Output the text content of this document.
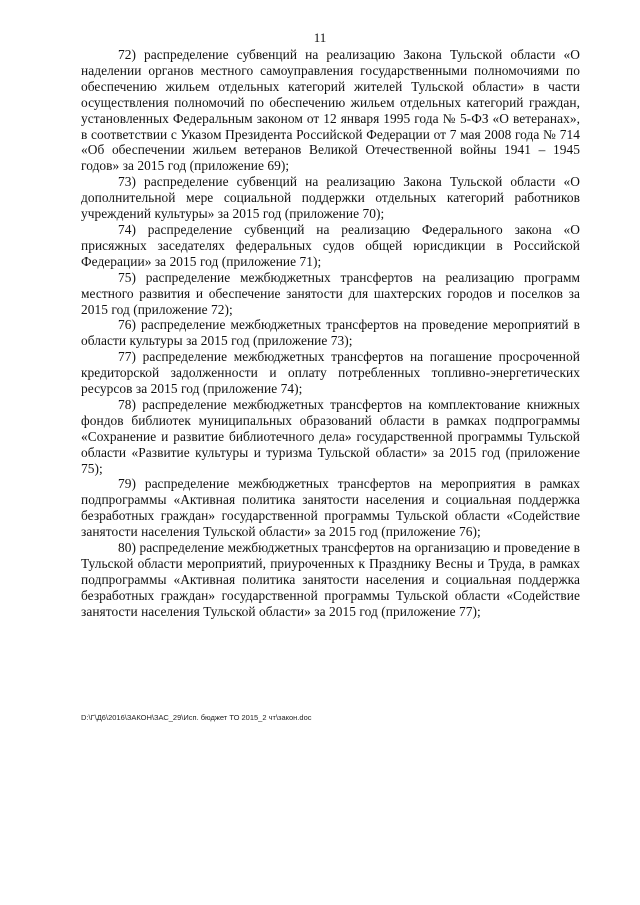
11

72) распределение субвенций на реализацию Закона Тульской области «О наделении органов местного самоуправления государственными полномочиями по обеспечению жильем отдельных категорий жителей Тульской области» в части осуществления полномочий по обеспечению жильем отдельных категорий граждан, установленных Федеральным законом от 12 января 1995 года № 5-ФЗ «О ветеранах», в соответствии с Указом Президента Российской Федерации от 7 мая 2008 года № 714 «Об обеспечении жильем ветеранов Великой Отечественной войны 1941 – 1945 годов» за 2015 год (приложение 69);

73) распределение субвенций на реализацию Закона Тульской области «О дополнительной мере социальной поддержки отдельных категорий работников учреждений культуры» за 2015 год (приложение 70);

74) распределение субвенций на реализацию Федерального закона «О присяжных заседателях федеральных судов общей юрисдикции в Российской Федерации» за 2015 год (приложение 71);

75) распределение межбюджетных трансфертов на реализацию программ местного развития и обеспечение занятости для шахтерских городов и поселков за 2015 год (приложение 72);

76) распределение межбюджетных трансфертов на проведение мероприятий в области культуры за 2015 год (приложение 73);

77) распределение межбюджетных трансфертов на погашение просроченной кредиторской задолженности и оплату потребленных топливно-энергетических ресурсов за 2015 год (приложение 74);

78) распределение межбюджетных трансфертов на комплектование книжных фондов библиотек муниципальных образований области в рамках подпрограммы «Сохранение и развитие библиотечного дела» государственной программы Тульской области «Развитие культуры и туризма Тульской области» за 2015 год (приложение 75);

79) распределение межбюджетных трансфертов на мероприятия в рамках подпрограммы «Активная политика занятости населения и социальная поддержка безработных граждан» государственной программы Тульской области «Содействие занятости населения Тульской области» за 2015 год (приложение 76);

80) распределение межбюджетных трансфертов на организацию и проведение в Тульской области мероприятий, приуроченных к Празднику Весны и Труда, в рамках подпрограммы «Активная политика занятости населения и социальная поддержка безработных граждан» государственной программы Тульской области «Содействие занятости населения Тульской области» за 2015 год (приложение 77);

D:\Г\Д6\2016\ЗАКОН\ЗАС_29\Исп. бюджет ТО 2015_2 чт\закон.doc
